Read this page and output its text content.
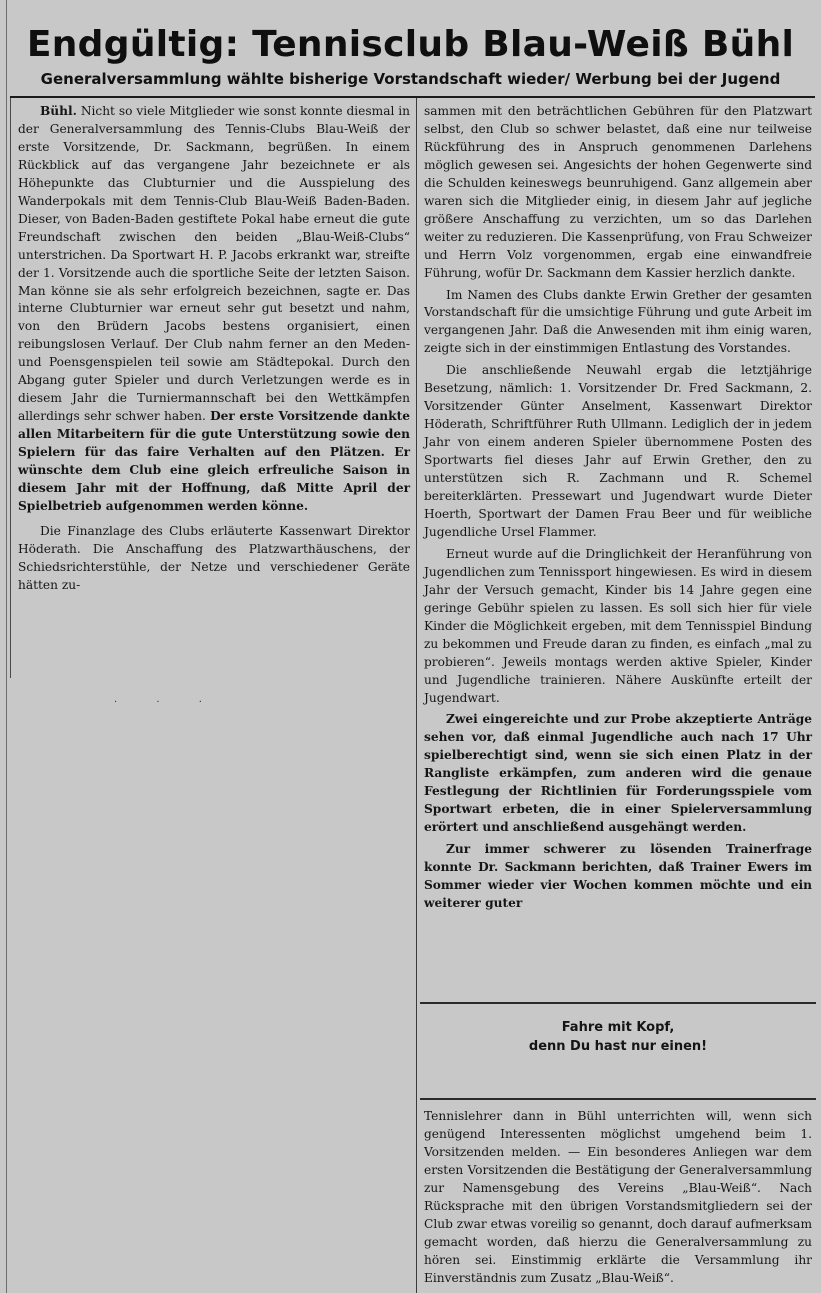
Endgültig: Tennisclub Blau-Weiß Bühl
Generalversammlung wählte bisherige Vorstandschaft wieder/ Werbung bei der Jugend

Bühl. Nicht so viele Mitglieder wie sonst konnte diesmal in der Generalversammlung des Tennis-Clubs Blau-Weiß der erste Vorsitzende, Dr. Sackmann, begrüßen. In einem Rückblick auf das vergangene Jahr bezeichnete er als Höhepunkte das Clubturnier und die Ausspielung des Wanderpokals mit dem Tennis-Club Blau-Weiß Baden-Baden. Dieser, von Baden-Baden gestiftete Pokal habe erneut die gute Freundschaft zwischen den beiden „Blau-Weiß-Clubs“ unterstrichen. Da Sportwart H. P. Jacobs erkrankt war, streifte der 1. Vorsitzende auch die sportliche Seite der letzten Saison. Man könne sie als sehr erfolgreich bezeichnen, sagte er. Das interne Clubturnier war erneut sehr gut besetzt und nahm, von den Brüdern Jacobs bestens organisiert, einen reibungslosen Verlauf. Der Club nahm ferner an den Meden- und Poensgenspielen teil sowie am Städtepokal. Durch den Abgang guter Spieler und durch Verletzungen werde es in diesem Jahr die Turniermannschaft bei den Wettkämpfen allerdings sehr schwer haben. Der erste Vorsitzende dankte allen Mitarbeitern für die gute Unterstützung sowie den Spielern für das faire Verhalten auf den Plätzen. Er wünschte dem Club eine gleich erfreuliche Saison in diesem Jahr mit der Hoffnung, daß Mitte April der Spielbetrieb aufgenommen werden könne.

Die Finanzlage des Clubs erläuterte Kassenwart Direktor Höderath. Die Anschaffung des Platzwarthäuschens, der Schiedsrichterstühle, der Netze und verschiedener Geräte hätten zu-

· · ·

sammen mit den beträchtlichen Gebühren für den Platzwart selbst, den Club so schwer belastet, daß eine nur teilweise Rückführung des in Anspruch genommenen Darlehens möglich gewesen sei. Angesichts der hohen Gegenwerte sind die Schulden keineswegs beunruhigend. Ganz allgemein aber waren sich die Mitglieder einig, in diesem Jahr auf jegliche größere Anschaffung zu verzichten, um so das Darlehen weiter zu reduzieren. Die Kassenprüfung, von Frau Schweizer und Herrn Volz vorgenommen, ergab eine einwandfreie Führung, wofür Dr. Sackmann dem Kassier herzlich dankte.

Im Namen des Clubs dankte Erwin Grether der gesamten Vorstandschaft für die umsichtige Führung und gute Arbeit im vergangenen Jahr. Daß die Anwesenden mit ihm einig waren, zeigte sich in der einstimmigen Entlastung des Vorstandes.

Die anschließende Neuwahl ergab die letztjährige Besetzung, nämlich: 1. Vorsitzender Dr. Fred Sackmann, 2. Vorsitzender Günter Anselment, Kassenwart Direktor Höderath, Schriftführer Ruth Ullmann. Lediglich der in jedem Jahr von einem anderen Spieler übernommene Posten des Sportwarts fiel dieses Jahr auf Erwin Grether, den zu unterstützen sich R. Zachmann und R. Schemel bereiterklärten. Pressewart und Jugendwart wurde Dieter Hoerth, Sportwart der Damen Frau Beer und für weibliche Jugendliche Ursel Flammer.

Erneut wurde auf die Dringlichkeit der Heranführung von Jugendlichen zum Tennissport hingewiesen. Es wird in diesem Jahr der Versuch gemacht, Kinder bis 14 Jahre gegen eine geringe Gebühr spielen zu lassen. Es soll sich hier für viele Kinder die Möglichkeit ergeben, mit dem Tennisspiel Bindung zu bekommen und Freude daran zu finden, es einfach „mal zu probieren“. Jeweils montags werden aktive Spieler, Kinder und Jugendliche trainieren. Nähere Auskünfte erteilt der Jugendwart.

Zwei eingereichte und zur Probe akzeptierte Anträge sehen vor, daß einmal Jugendliche auch nach 17 Uhr spielberechtigt sind, wenn sie sich einen Platz in der Rangliste erkämpfen, zum anderen wird die genaue Festlegung der Richtlinien für Forderungsspiele vom Sportwart erbeten, die in einer Spielerversammlung erörtert und anschließend ausgehängt werden.

Zur immer schwerer zu lösenden Trainerfrage konnte Dr. Sackmann berichten, daß Trainer Ewers im Sommer wieder vier Wochen kommen möchte und ein weiterer guter

Fahre mit Kopf,

denn Du hast nur einen!

Tennislehrer dann in Bühl unterrichten will, wenn sich genügend Interessenten möglichst umgehend beim 1. Vorsitzenden melden. — Ein besonderes Anliegen war dem ersten Vorsitzenden die Bestätigung der Generalversammlung zur Namensgebung des Vereins „Blau-Weiß“. Nach Rücksprache mit den übrigen Vorstandsmitgliedern sei der Club zwar etwas voreilig so genannt, doch darauf aufmerksam gemacht worden, daß hierzu die Generalversammlung zu hören sei. Einstimmig erklärte die Versammlung ihr Einverständnis zum Zusatz „Blau-Weiß“.
